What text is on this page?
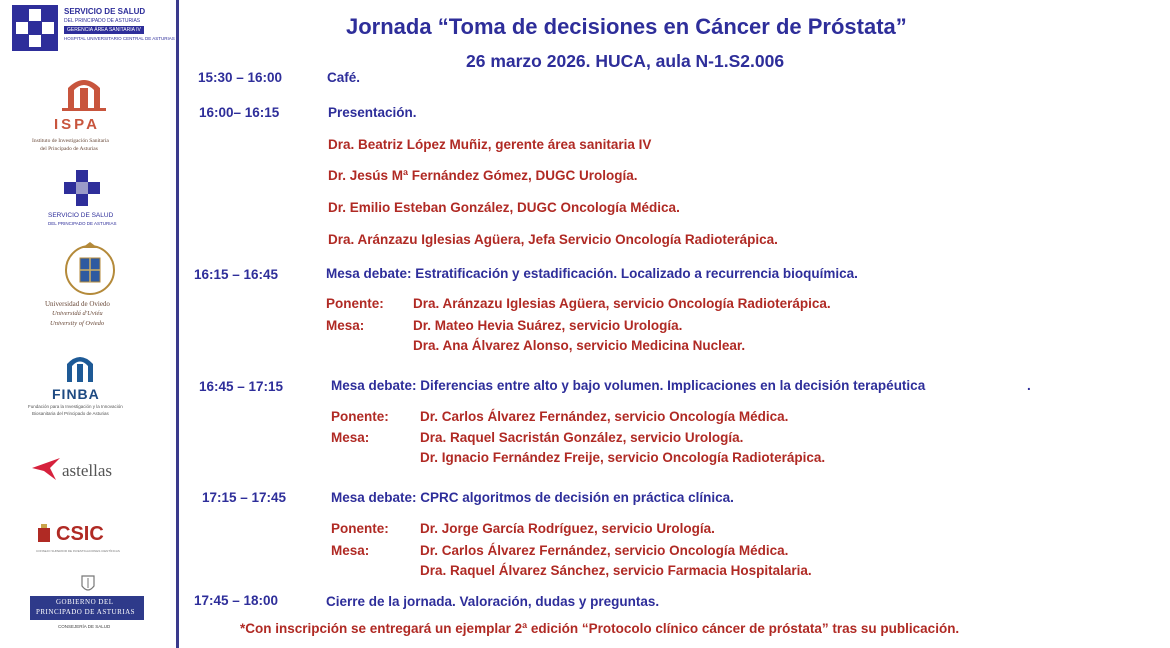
SERVICIO DE SALUD
DEL PRINCIPADO DE ASTURIAS
GERENCIA ÁREA SANITARIA IV
HOSPITAL UNIVERSITARIO CENTRAL DE ASTURIAS
ISPA
Instituto de Investigación Sanitaria
del Principado de Asturias
SERVICIO DE SALUD
DEL PRINCIPADO DE ASTURIAS
Universidad de Oviedo
Universidá d'Uviéu
University of Oviedo
FINBA
Fundación para la Investigación y la Innovación
Biosanitaria del Principado de Asturias
astellas
CSIC
CONSEJO SUPERIOR DE INVESTIGACIONES CIENTÍFICAS
GOBIERNO DEL
PRINCIPADO DE ASTURIAS
CONSEJERÍA DE SALUD
Jornada “Toma de decisiones en Cáncer de Próstata”
26 marzo 2026. HUCA, aula N-1.S2.006
15:30 – 16:00	Café.
16:00– 16:15	Presentación.
Dra. Beatriz López Muñiz, gerente área sanitaria IV
Dr. Jesús Mª Fernández Gómez, DUGC Urología.
Dr. Emilio Esteban González, DUGC Oncología Médica.
Dra. Aránzazu Iglesias Agüera, Jefa Servicio Oncología Radioterápica.
16:15 – 16:45	Mesa debate: Estratificación y estadificación. Localizado a recurrencia bioquímica.
Ponente: Dra. Aránzazu Iglesias Agüera, servicio Oncología Radioterápica.
Mesa:	Dr. Mateo Hevia Suárez, servicio Urología.
Dra. Ana Álvarez Alonso, servicio Medicina Nuclear.
16:45 – 17:15	Mesa debate: Diferencias entre alto y bajo volumen. Implicaciones en la decisión terapéutica	.
Ponente: Dr. Carlos Álvarez Fernández, servicio Oncología Médica.
Mesa:	Dra. Raquel Sacristán González, servicio Urología.
Dr. Ignacio Fernández Freije, servicio Oncología Radioterápica.
17:15 – 17:45	Mesa debate: CPRC algoritmos de decisión en práctica clínica.
Ponente: Dr. Jorge García Rodríguez, servicio Urología.
Mesa:	Dr. Carlos Álvarez Fernández, servicio Oncología Médica.
Dra. Raquel Álvarez Sánchez, servicio Farmacia Hospitalaria.
17:45 – 18:00	Cierre de la jornada. Valoración, dudas y preguntas.
*Con inscripción se entregará un ejemplar 2ª edición “Protocolo clínico cáncer de próstata” tras su publicación.
